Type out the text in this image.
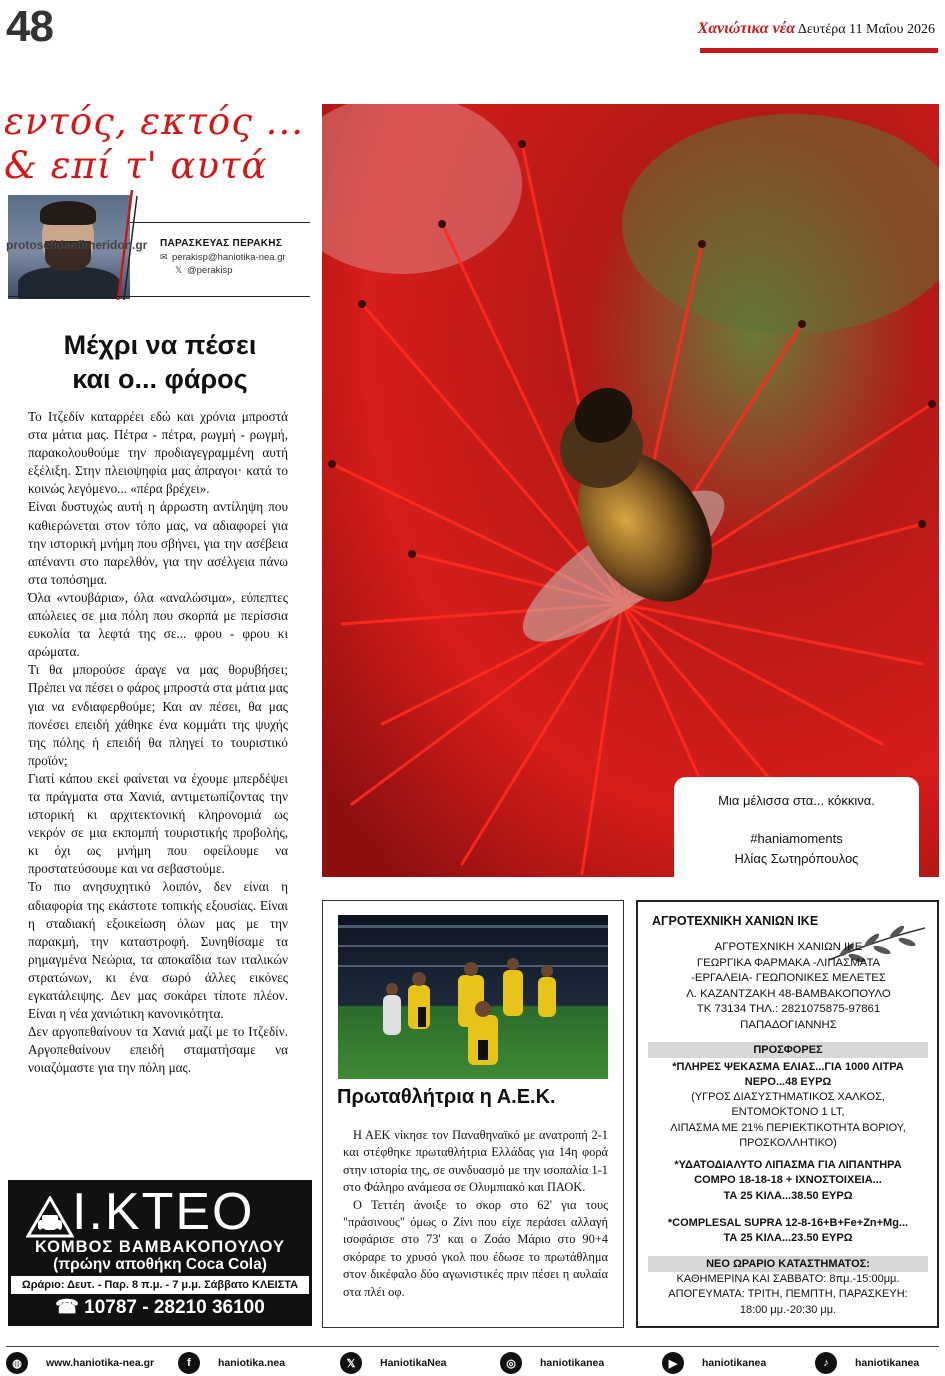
48	Χανιώτικα νέα Δευτέρα 11 Μαΐου 2026
εντός, εκτός ...
& επί τ' αυτά
protoselidaefimeridon.gr ΠΑΡΑΣΚΕΥΑΣ ΠΕΡΑΚΗΣ
✉ perakisp@haniotika-nea.gr
𝕏 @perakisp
Μέχρι να πέσει
και ο... φάρος

Το Ιτζεδίν καταρρέει εδώ και χρόνια μπροστά στα μάτια μας. Πέτρα - πέτρα, ρωγμή - ρωγμή, παρακολουθούμε την προδιαγεγραμμένη αυτή εξέλιξη. Στην πλειοψηφία μας άπραγοι· κατά το κοινώς λεγόμενο... «πέρα βρέχει».

Είναι δυστυχώς αυτή η άρρωστη αντίληψη που καθιερώνεται στον τόπο μας, να αδιαφορεί για την ιστορική μνήμη που σβήνει, για την ασέβεια απέναντι στο παρελθόν, για την ασέλγεια πάνω στα τοπόσημα.

Όλα «ντουβάρια», όλα «αναλώσιμα», εύπεπτες απώλειες σε μια πόλη που σκορπά με περίσσια ευκολία τα λεφτά της σε... φρου - φρου κι αρώματα.

Τι θα μπορούσε άραγε να μας θορυβήσει; Πρέπει να πέσει ο φάρος μπροστά στα μάτια μας για να ενδιαφερθούμε; Και αν πέσει, θα μας πονέσει επειδή χάθηκε ένα κομμάτι της ψυχής της πόλης ή επειδή θα πληγεί το τουριστικό προϊόν;

Γιατί κάπου εκεί φαίνεται να έχουμε μπερδέψει τα πράγματα στα Χανιά, αντιμετωπίζοντας την ιστορική κι αρχιτεκτονική κληρονομιά ως νεκρόν σε μια εκπομπή τουριστικής προβολής, κι όχι ως μνήμη που οφείλουμε να προστατεύσουμε και να σεβαστούμε.

Το πιο ανησυχητικό λοιπόν, δεν είναι η αδιαφορία της εκάστοτε τοπικής εξουσίας. Είναι η σταδιακή εξοικείωση όλων μας με την παρακμή, την καταστροφή. Συνηθίσαμε τα ρημαγμένα Νεώρια, τα αποκαΐδια των ιταλικών στρατώνων, κι ένα σωρό άλλες εικόνες εγκατάλειψης. Δεν μας σοκάρει τίποτε πλέον. Είναι η νέα χανιώτικη κανονικότητα.

Δεν αργοπεθαίνουν τα Χανιά μαζί με το Ιτζεδίν. Αργοπεθαίνουν επειδή σταματήσαμε να νοιαζόμαστε για την πόλη μας.

Μια μέλισσα στα... κόκκινα.
#haniamoments
Ηλίας Σωτηρόπουλος
Πρωταθλήτρια η Α.Ε.Κ.

Η ΑΕΚ νίκησε τον Παναθηναϊκό με ανατροπή 2-1 και στέφθηκε πρωταθλήτρια Ελλάδας για 14η φορά στην ιστορία της, σε συνδυασμό με την ισοπαλία 1-1 στο Φάληρο ανάμεσα σε Ολυμπιακό και ΠΑΟΚ.

Ο Τεττέη άνοιξε το σκορ στο 62' για τους "πράσινους" όμως ο Ζίνι που είχε περάσει αλλαγή ισοφάρισε στο 73' και ο Ζοάο Μάριο στο 90+4 σκόραρε το χρυσό γκολ που έδωσε το πρωτάθλημα στον δικέφαλο δύο αγωνιστικές πριν πέσει η αυλαία στα πλέι οφ.

ΑΓΡΟΤΕΧΝΙΚΗ ΧΑΝΙΩΝ ΙΚΕ
ΑΓΡΟΤΕΧΝΙΚΗ ΧΑΝΙΩΝ ΙΚΕ
ΓΕΩΡΓΙΚΑ ΦΑΡΜΑΚΑ -ΛΙΠΑΣΜΑΤΑ
-ΕΡΓΑΛΕΙΑ- ΓΕΩΠΟΝΙΚΕΣ ΜΕΛΕΤΕΣ
Λ. ΚΑΖΑΝΤΖΑΚΗ 48-ΒΑΜΒΑΚΟΠΟΥΛΟ
ΤΚ 73134 ΤΗΛ.: 2821075875-97861
ΠΑΠΑΔΟΓΙΑΝΝΗΣ
ΠΡΟΣΦΟΡΕΣ
*ΠΛΗΡΕΣ ΨΕΚΑΣΜΑ ΕΛΙΑΣ...ΓΙΑ 1000 ΛΙΤΡΑ
ΝΕΡΟ...48 ΕΥΡΩ
(ΥΓΡΟΣ ΔΙΑΣΥΣΤΗΜΑΤΙΚΟΣ ΧΑΛΚΟΣ,
ΕΝΤΟΜΟΚΤΟΝΟ 1 LT,
ΛΙΠΑΣΜΑ ΜΕ 21% ΠΕΡΙΕΚΤΙΚΟΤΗΤΑ ΒΟΡΙΟΥ,
ΠΡΟΣΚΟΛΛΗΤΙΚΟ)
*ΥΔΑΤΟΔΙΑΛΥΤΟ ΛΙΠΑΣΜΑ ΓΙΑ ΛΙΠΑΝΤΗΡΑ
COMPO 18-18-18 + ΙΧΝΟΣΤΟΙΧΕΙΑ...
ΤΑ 25 ΚΙΛΑ...38.50 ΕΥΡΩ
*COMPLESAL SUPRA 12-8-16+B+Fe+Zn+Mg...
ΤΑ 25 ΚΙΛΑ...23.50 ΕΥΡΩ
ΝΕΟ ΩΡΑΡΙΟ ΚΑΤΑΣΤΗΜΑΤΟΣ:
ΚΑΘΗΜΕΡΙΝΑ ΚΑΙ ΣΑΒΒΑΤΟ: 8πμ.-15:00μμ.
ΑΠΟΓΕΥΜΑΤΑ: ΤΡΙΤΗ, ΠΕΜΠΤΗ, ΠΑΡΑΣΚΕΥΗ:
18:00 μμ.-20:30 μμ.
Ι.ΚΤΕΟ
ΚΟΜΒΟΣ ΒΑΜΒΑΚΟΠΟΥΛΟΥ
(πρώην αποθήκη Coca Cola)
Ωράριο: Δευτ. - Παρ. 8 π.μ. - 7 μ.μ. Σάββατο ΚΛΕΙΣΤΑ
☎ 10787 - 28210 36100
◍	www.haniotika-nea.gr	f	haniotika.nea	𝕏	HaniotikaNea	◎	haniotikanea	▶	haniotikanea	♪	haniotikanea
